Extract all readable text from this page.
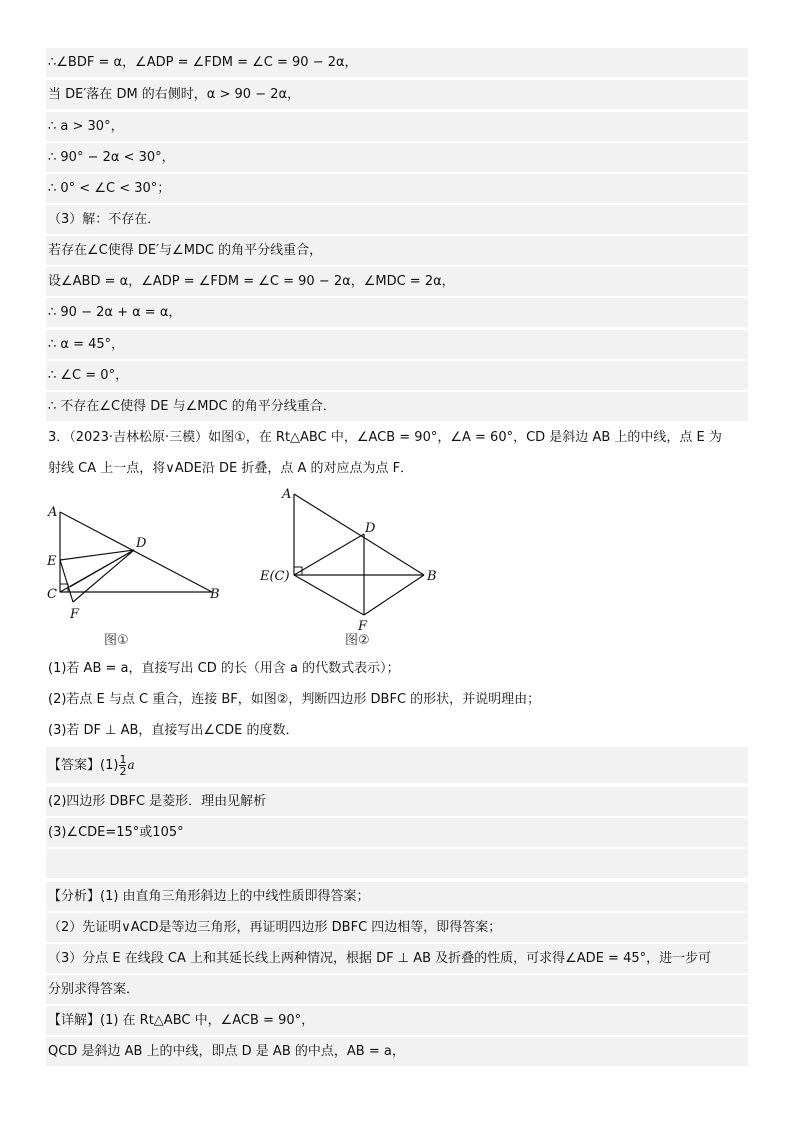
∴∠BDF = α，∠ADP = ∠FDM = ∠C = 90 − 2α，
当 DE′落在 DM 的右侧时，α > 90 − 2α，
∴ a > 30°，
∴ 90° − 2α < 30°，
∴ 0° < ∠C < 30°；
（3）解：不存在．
若存在∠C使得 DE′与∠MDC 的角平分线重合，
设∠ABD = α，∠ADP = ∠FDM = ∠C = 90 − 2α，∠MDC = 2α，
∴ 90 − 2α + α = α，
∴ α = 45°，
∴ ∠C = 0°，
∴ 不存在∠C使得 DE 与∠MDC 的角平分线重合．
3．（2023·吉林松原·三模）如图①，在 Rt△ABC 中，∠ACB = 90°，∠A = 60°，CD 是斜边 AB 上的中线，点 E 为
射线 CA 上一点，将∨ADE沿 DE 折叠，点 A 的对应点为点 F．
A
D
E
C
F
B
图①
A
D
E(C)	B
F
图②
(1)若 AB = a，直接写出 CD 的长（用含 a 的代数式表示）；
(2)若点 E 与点 C 重合，连接 BF，如图②，判断四边形 DBFC 的形状，并说明理由；
(3)若 DF ⊥ AB，直接写出∠CDE 的度数．
【答案】$(1) \frac{1}{2}$ a
(2)四边形 DBFC 是菱形．理由见解析
(3)∠CDE=15°或105°
【分析】(1) 由直角三角形斜边上的中线性质即得答案；
（2）先证明∨ACD是等边三角形，再证明四边形 DBFC 四边相等，即得答案；
（3）分点 E 在线段 CA 上和其延长线上两种情况，根据 DF ⊥ AB 及折叠的性质，可求得∠ADE = 45°，进一步可
分别求得答案．
【详解】(1) 在 Rt△ABC 中，∠ACB = 90°，
QCD 是斜边 AB 上的中线，即点 D 是 AB 的中点，AB = a，
